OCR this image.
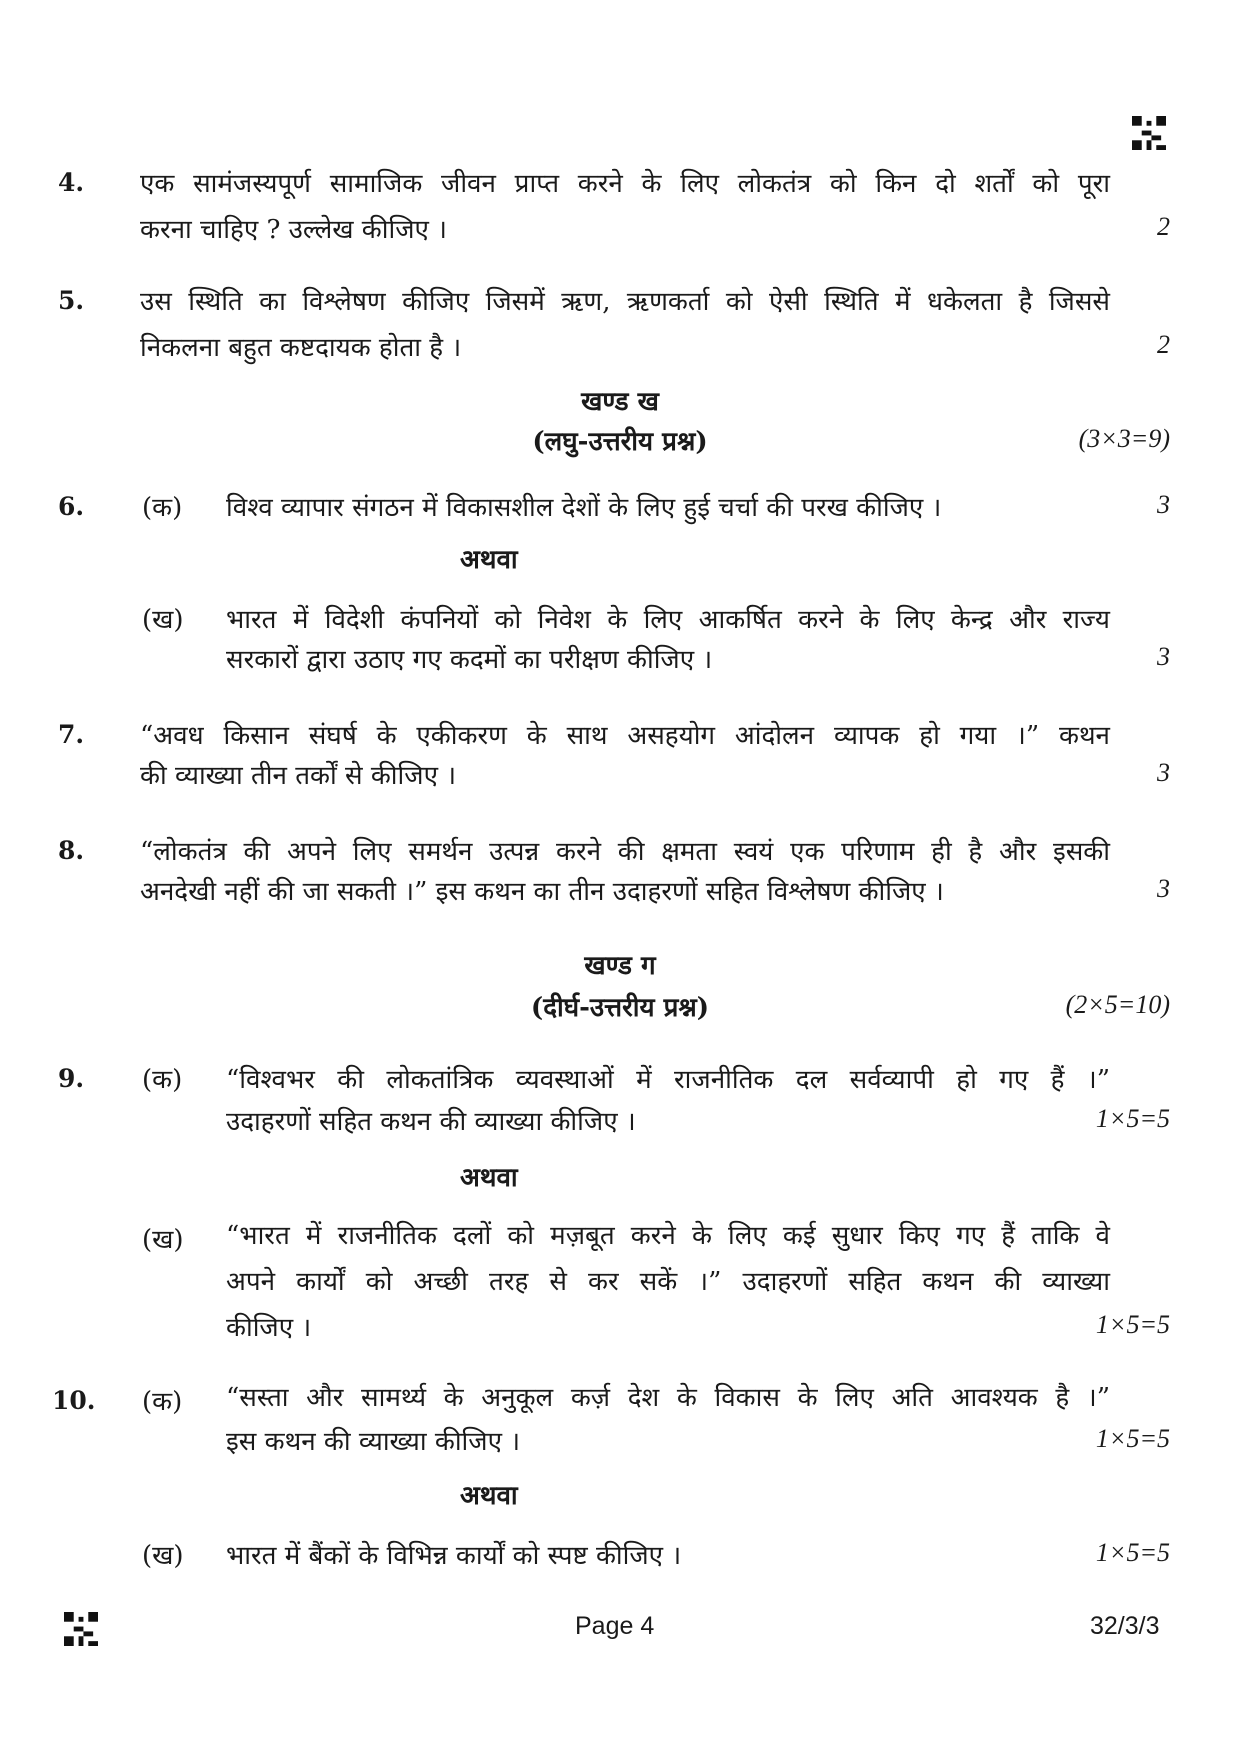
4. एक सामंजस्यपूर्ण सामाजिक जीवन प्राप्त करने के लिए लोकतंत्र को किन दो शर्तों को पूरा
करना चाहिए ? उल्लेख कीजिए ।	2
5. उस स्थिति का विश्लेषण कीजिए जिसमें ऋण, ऋणकर्ता को ऐसी स्थिति में धकेलता है जिससे
निकलना बहुत कष्टदायक होता है ।	2
खण्ड ख
(लघु-उत्तरीय प्रश्न)	(3×3=9)
6. (क) विश्व व्यापार संगठन में विकासशील देशों के लिए हुई चर्चा की परख कीजिए ।	3
अथवा
(ख) भारत में विदेशी कंपनियों को निवेश के लिए आकर्षित करने के लिए केन्द्र और राज्य
सरकारों द्वारा उठाए गए कदमों का परीक्षण कीजिए ।	3
7. “अवध किसान संघर्ष के एकीकरण के साथ असहयोग आंदोलन व्यापक हो गया ।” कथन
की व्याख्या तीन तर्कों से कीजिए ।	3
8. “लोकतंत्र की अपने लिए समर्थन उत्पन्न करने की क्षमता स्वयं एक परिणाम ही है और इसकी
अनदेखी नहीं की जा सकती ।” इस कथन का तीन उदाहरणों सहित विश्लेषण कीजिए ।	3
खण्ड ग
(दीर्घ-उत्तरीय प्रश्न)	(2×5=10)
9. (क) “विश्वभर की लोकतांत्रिक व्यवस्थाओं में राजनीतिक दल सर्वव्यापी हो गए हैं ।”
उदाहरणों सहित कथन की व्याख्या कीजिए ।	1×5=5
अथवा
(ख) “भारत में राजनीतिक दलों को मज़बूत करने के लिए कई सुधार किए गए हैं ताकि वे
अपने कार्यों को अच्छी तरह से कर सकें ।” उदाहरणों सहित कथन की व्याख्या
कीजिए ।	1×5=5
10. (क) “सस्ता और सामर्थ्य के अनुकूल कर्ज़ देश के विकास के लिए अति आवश्यक है ।”
इस कथन की व्याख्या कीजिए ।	1×5=5
अथवा
(ख) भारत में बैंकों के विभिन्न कार्यों को स्पष्ट कीजिए ।	1×5=5
Page 4	32/3/3
